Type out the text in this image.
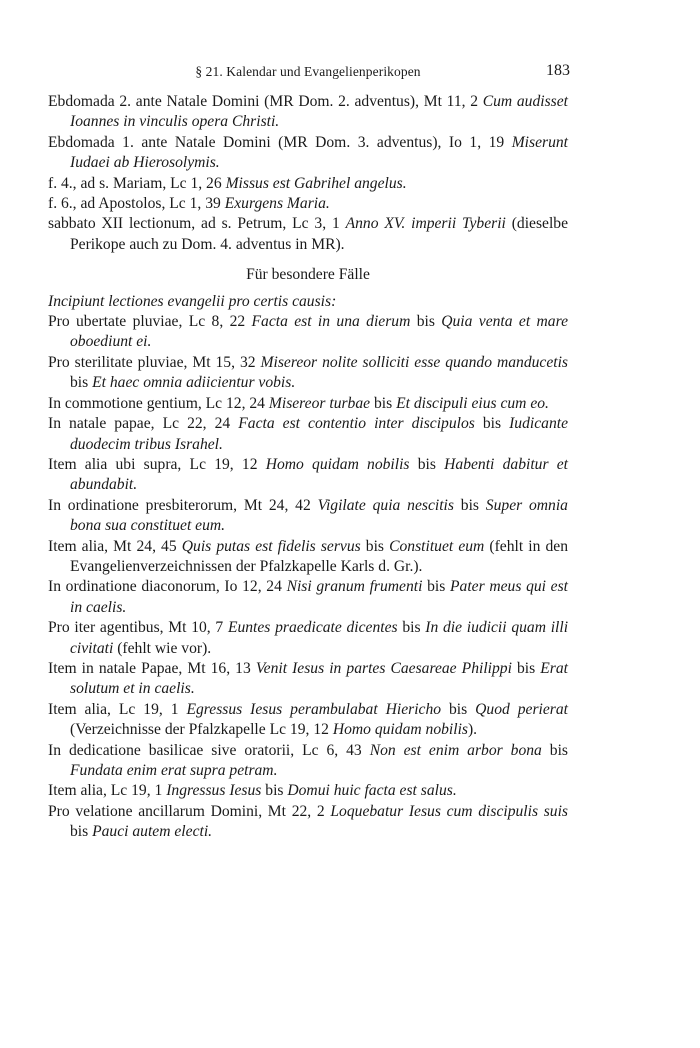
§ 21. Kalendar und Evangelienperikopen	183
Ebdomada 2. ante Natale Domini (MR Dom. 2. adventus), Mt 11, 2 Cum audisset Ioannes in vinculis opera Christi.
Ebdomada 1. ante Natale Domini (MR Dom. 3. adventus), Io 1, 19 Miserunt Iudaei ab Hierosolymis.
f. 4., ad s. Mariam, Lc 1, 26 Missus est Gabrihel angelus.
f. 6., ad Apostolos, Lc 1, 39 Exurgens Maria.
sabbato XII lectionum, ad s. Petrum, Lc 3, 1 Anno XV. imperii Tyberii (dieselbe Perikope auch zu Dom. 4. adventus in MR).
Für besondere Fälle
Incipiunt lectiones evangelii pro certis causis:
Pro ubertate pluviae, Lc 8, 22 Facta est in una dierum bis Quia venta et mare oboediunt ei.
Pro sterilitate pluviae, Mt 15, 32 Misereor nolite solliciti esse quando manducetis bis Et haec omnia adiicientur vobis.
In commotione gentium, Lc 12, 24 Misereor turbae bis Et discipuli eius cum eo.
In natale papae, Lc 22, 24 Facta est contentio inter discipulos bis Iudicante duodecim tribus Israhel.
Item alia ubi supra, Lc 19, 12 Homo quidam nobilis bis Habenti dabitur et abundabit.
In ordinatione presbiterorum, Mt 24, 42 Vigilate quia nescitis bis Super omnia bona sua constituet eum.
Item alia, Mt 24, 45 Quis putas est fidelis servus bis Constituet eum (fehlt in den Evangelienverzeichnissen der Pfalzkapelle Karls d. Gr.).
In ordinatione diaconorum, Io 12, 24 Nisi granum frumenti bis Pater meus qui est in caelis.
Pro iter agentibus, Mt 10, 7 Euntes praedicate dicentes bis In die iudicii quam illi civitati (fehlt wie vor).
Item in natale Papae, Mt 16, 13 Venit Iesus in partes Caesareae Philippi bis Erat solutum et in caelis.
Item alia, Lc 19, 1 Egressus Iesus perambulabat Hiericho bis Quod perierat (Verzeichnisse der Pfalzkapelle Lc 19, 12 Homo quidam nobilis).
In dedicatione basilicae sive oratorii, Lc 6, 43 Non est enim arbor bona bis Fundata enim erat supra petram.
Item alia, Lc 19, 1 Ingressus Iesus bis Domui huic facta est salus.
Pro velatione ancillarum Domini, Mt 22, 2 Loquebatur Iesus cum discipulis suis bis Pauci autem electi.
